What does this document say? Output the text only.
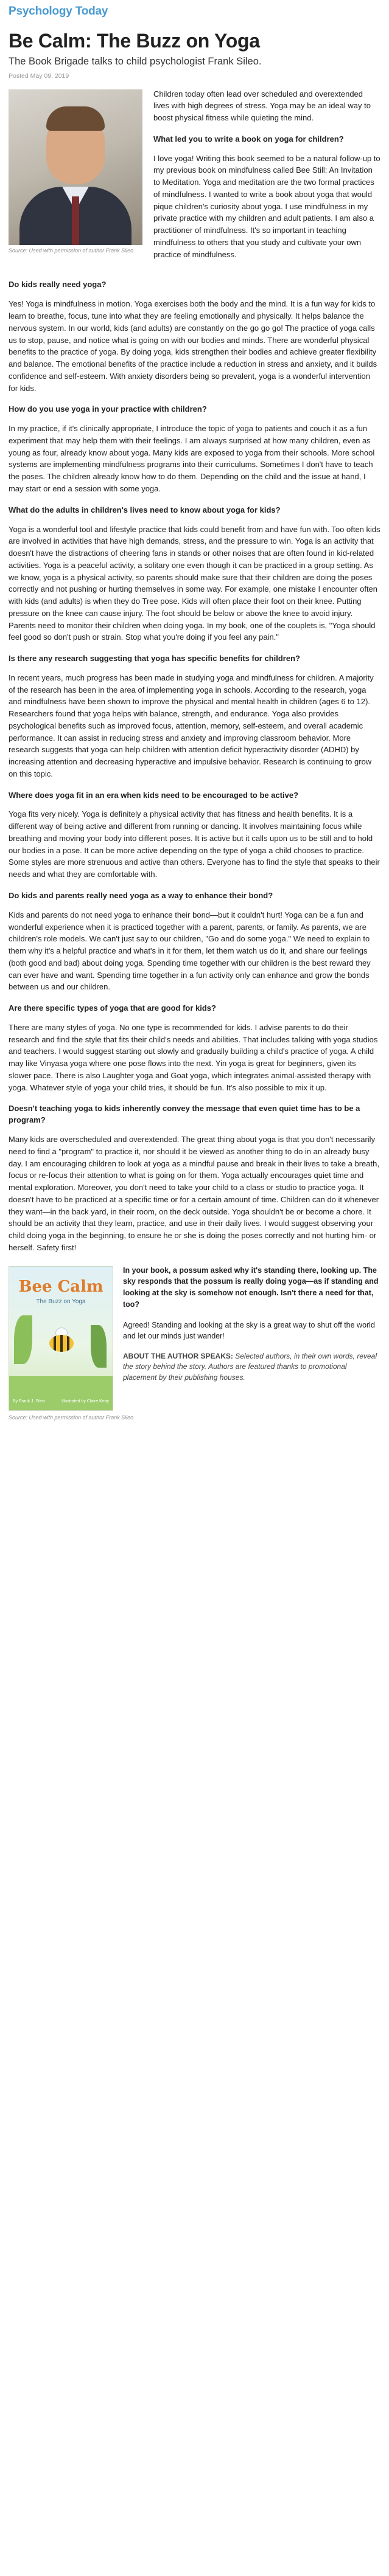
Psychology Today
Be Calm: The Buzz on Yoga

The Book Brigade talks to child psychologist Frank Sileo.

Posted May 09, 2019

Source: Used with permission of author Frank Sileo

Children today often lead over scheduled and overextended lives with high degrees of stress. Yoga may be an ideal way to boost physical fitness while quieting the mind.

What led you to write a book on yoga for children?

I love yoga! Writing this book seemed to be a natural follow-up to my previous book on mindfulness called Bee Still: An Invitation to Meditation. Yoga and meditation are the two formal practices of mindfulness. I wanted to write a book about yoga that would pique children's curiosity about yoga. I use mindfulness in my private practice with my children and adult patients. I am also a practitioner of mindfulness. It's so important in teaching mindfulness to others that you study and cultivate your own practice of mindfulness.

Do kids really need yoga?

Yes! Yoga is mindfulness in motion. Yoga exercises both the body and the mind. It is a fun way for kids to learn to breathe, focus, tune into what they are feeling emotionally and physically. It helps balance the nervous system. In our world, kids (and adults) are constantly on the go go go! The practice of yoga calls us to stop, pause, and notice what is going on with our bodies and minds. There are wonderful physical benefits to the practice of yoga. By doing yoga, kids strengthen their bodies and achieve greater flexibility and balance. The emotional benefits of the practice include a reduction in stress and anxiety, and it builds confidence and self-esteem. With anxiety disorders being so prevalent, yoga is a wonderful intervention for kids.

How do you use yoga in your practice with children?

In my practice, if it's clinically appropriate, I introduce the topic of yoga to patients and couch it as a fun experiment that may help them with their feelings. I am always surprised at how many children, even as young as four, already know about yoga. Many kids are exposed to yoga from their schools. More school systems are implementing mindfulness programs into their curriculums. Sometimes I don't have to teach the poses. The children already know how to do them. Depending on the child and the issue at hand, I may start or end a session with some yoga.

What do the adults in children's lives need to know about yoga for kids?

Yoga is a wonderful tool and lifestyle practice that kids could benefit from and have fun with. Too often kids are involved in activities that have high demands, stress, and the pressure to win. Yoga is an activity that doesn't have the distractions of cheering fans in stands or other noises that are often found in kid-related activities. Yoga is a peaceful activity, a solitary one even though it can be practiced in a group setting. As we know, yoga is a physical activity, so parents should make sure that their children are doing the poses correctly and not pushing or hurting themselves in some way. For example, one mistake I encounter often with kids (and adults) is when they do Tree pose. Kids will often place their foot on their knee. Putting pressure on the knee can cause injury. The foot should be below or above the knee to avoid injury. Parents need to monitor their children when doing yoga. In my book, one of the couplets is, "Yoga should feel good so don't push or strain. Stop what you're doing if you feel any pain."

Is there any research suggesting that yoga has specific benefits for children?

In recent years, much progress has been made in studying yoga and mindfulness for children. A majority of the research has been in the area of implementing yoga in schools. According to the research, yoga and mindfulness have been shown to improve the physical and mental health in children (ages 6 to 12). Researchers found that yoga helps with balance, strength, and endurance. Yoga also provides psychological benefits such as improved focus, attention, memory, self-esteem, and overall academic performance. It can assist in reducing stress and anxiety and improving classroom behavior. More research suggests that yoga can help children with attention deficit hyperactivity disorder (ADHD) by increasing attention and decreasing hyperactive and impulsive behavior. Research is continuing to grow on this topic.

Where does yoga fit in an era when kids need to be encouraged to be active?

Yoga fits very nicely. Yoga is definitely a physical activity that has fitness and health benefits. It is a different way of being active and different from running or dancing. It involves maintaining focus while breathing and moving your body into different poses. It is active but it calls upon us to be still and to hold our bodies in a pose. It can be more active depending on the type of yoga a child chooses to practice. Some styles are more strenuous and active than others. Everyone has to find the style that speaks to their needs and what they are comfortable with.

Do kids and parents really need yoga as a way to enhance their bond?

Kids and parents do not need yoga to enhance their bond—but it couldn't hurt! Yoga can be a fun and wonderful experience when it is practiced together with a parent, parents, or family. As parents, we are children's role models. We can't just say to our children, "Go and do some yoga." We need to explain to them why it's a helpful practice and what's in it for them, let them watch us do it, and share our feelings (both good and bad) about doing yoga. Spending time together with our children is the best reward they can ever have and want. Spending time together in a fun activity only can enhance and grow the bonds between us and our children.

Are there specific types of yoga that are good for kids?

There are many styles of yoga. No one type is recommended for kids. I advise parents to do their research and find the style that fits their child's needs and abilities. That includes talking with yoga studios and teachers. I would suggest starting out slowly and gradually building a child's practice of yoga. A child may like Vinyasa yoga where one pose flows into the next. Yin yoga is great for beginners, given its slower pace. There is also Laughter yoga and Goat yoga, which integrates animal-assisted therapy with yoga. Whatever style of yoga your child tries, it should be fun. It's also possible to mix it up.

Doesn't teaching yoga to kids inherently convey the message that even quiet time has to be a program?

Many kids are overscheduled and overextended. The great thing about yoga is that you don't necessarily need to find a "program" to practice it, nor should it be viewed as another thing to do in an already busy day. I am encouraging children to look at yoga as a mindful pause and break in their lives to take a breath, focus or re-focus their attention to what is going on for them. Yoga actually encourages quiet time and mental exploration. Moreover, you don't need to take your child to a class or studio to practice yoga. It doesn't have to be practiced at a specific time or for a certain amount of time. Children can do it whenever they want—in the back yard, in their room, on the deck outside. Yoga shouldn't be or become a chore. It should be an activity that they learn, practice, and use in their daily lives. I would suggest observing your child doing yoga in the beginning, to ensure he or she is doing the poses correctly and not hurting him- or herself. Safety first!

Bee Calm
The Buzz on Yoga
By Frank J. Sileo	Illustrated by Claire Keay

In your book, a possum asked why it's standing there, looking up. The sky responds that the possum is really doing yoga—as if standing and looking at the sky is somehow not enough. Isn't there a need for that, too?

Agreed! Standing and looking at the sky is a great way to shut off the world and let our minds just wander!

ABOUT THE AUTHOR SPEAKS: Selected authors, in their own words, reveal the story behind the story. Authors are featured thanks to promotional placement by their publishing houses.

Source: Used with permission of author Frank Sileo
